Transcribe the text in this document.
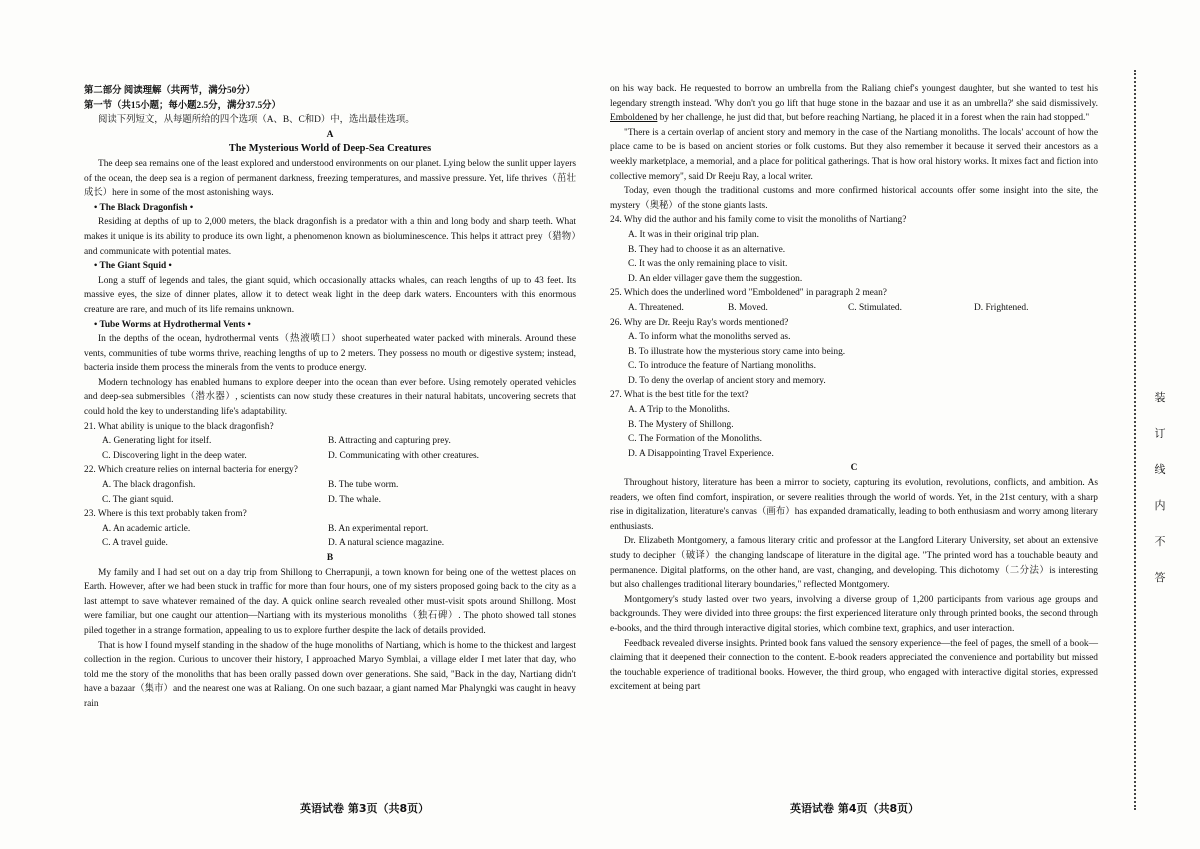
第二部分 阅读理解（共两节，满分50分）

第一节（共15小题；每小题2.5分，满分37.5分）

阅读下列短文，从每题所给的四个选项（A、B、C和D）中，选出最佳选项。

A

The Mysterious World of Deep-Sea Creatures

The deep sea remains one of the least explored and understood environments on our planet. Lying below the sunlit upper layers of the ocean, the deep sea is a region of permanent darkness, freezing temperatures, and massive pressure. Yet, life thrives（茁壮成长）here in some of the most astonishing ways.

• The Black Dragonfish •

Residing at depths of up to 2,000 meters, the black dragonfish is a predator with a thin and long body and sharp teeth. What makes it unique is its ability to produce its own light, a phenomenon known as bioluminescence. This helps it attract prey（猎物）and communicate with potential mates.

• The Giant Squid •

Long a stuff of legends and tales, the giant squid, which occasionally attacks whales, can reach lengths of up to 43 feet. Its massive eyes, the size of dinner plates, allow it to detect weak light in the deep dark waters. Encounters with this enormous creature are rare, and much of its life remains unknown.

• Tube Worms at Hydrothermal Vents •

In the depths of the ocean, hydrothermal vents（热液喷口）shoot superheated water packed with minerals. Around these vents, communities of tube worms thrive, reaching lengths of up to 2 meters. They possess no mouth or digestive system; instead, bacteria inside them process the minerals from the vents to produce energy.

Modern technology has enabled humans to explore deeper into the ocean than ever before. Using remotely operated vehicles and deep-sea submersibles（潜水器）, scientists can now study these creatures in their natural habitats, uncovering secrets that could hold the key to understanding life's adaptability.

21. What ability is unique to the black dragonfish?

A. Generating light for itself.	B. Attracting and capturing prey.
C. Discovering light in the deep water.	D. Communicating with other creatures.

22. Which creature relies on internal bacteria for energy?

A. The black dragonfish.	B. The tube worm.
C. The giant squid.	D. The whale.

23. Where is this text probably taken from?

A. An academic article.	B. An experimental report.
C. A travel guide.	D. A natural science magazine.

B

My family and I had set out on a day trip from Shillong to Cherrapunji, a town known for being one of the wettest places on Earth. However, after we had been stuck in traffic for more than four hours, one of my sisters proposed going back to the city as a last attempt to save whatever remained of the day. A quick online search revealed other must-visit spots around Shillong. Most were familiar, but one caught our attention—Nartiang with its mysterious monoliths（独石碑）. The photo showed tall stones piled together in a strange formation, appealing to us to explore further despite the lack of details provided.

That is how I found myself standing in the shadow of the huge monoliths of Nartiang, which is home to the thickest and largest collection in the region. Curious to uncover their history, I approached Maryo Symblai, a village elder I met later that day, who told me the story of the monoliths that has been orally passed down over generations. She said, "Back in the day, Nartiang didn't have a bazaar（集市）and the nearest one was at Raliang. On one such bazaar, a giant named Mar Phalyngki was caught in heavy rain

英语试卷 第3页（共8页）

on his way back. He requested to borrow an umbrella from the Raliang chief's youngest daughter, but she wanted to test his legendary strength instead. 'Why don't you go lift that huge stone in the bazaar and use it as an umbrella?' she said dismissively. Emboldened by her challenge, he just did that, but before reaching Nartiang, he placed it in a forest when the rain had stopped."

"There is a certain overlap of ancient story and memory in the case of the Nartiang monoliths. The locals' account of how the place came to be is based on ancient stories or folk customs. But they also remember it because it served their ancestors as a weekly marketplace, a memorial, and a place for political gatherings. That is how oral history works. It mixes fact and fiction into collective memory", said Dr Reeju Ray, a local writer.

Today, even though the traditional customs and more confirmed historical accounts offer some insight into the site, the mystery（奥秘）of the stone giants lasts.

24. Why did the author and his family come to visit the monoliths of Nartiang?

A. It was in their original trip plan.
B. They had to choose it as an alternative.
C. It was the only remaining place to visit.
D. An elder villager gave them the suggestion.

25. Which does the underlined word "Emboldened" in paragraph 2 mean?

A. Threatened.	B. Moved.	C. Stimulated.	D. Frightened.

26. Why are Dr. Reeju Ray's words mentioned?

A. To inform what the monoliths served as.
B. To illustrate how the mysterious story came into being.
C. To introduce the feature of Nartiang monoliths.
D. To deny the overlap of ancient story and memory.

27. What is the best title for the text?

A. A Trip to the Monoliths.
B. The Mystery of Shillong.
C. The Formation of the Monoliths.
D. A Disappointing Travel Experience.

C

Throughout history, literature has been a mirror to society, capturing its evolution, revolutions, conflicts, and ambition. As readers, we often find comfort, inspiration, or severe realities through the world of words. Yet, in the 21st century, with a sharp rise in digitalization, literature's canvas（画布）has expanded dramatically, leading to both enthusiasm and worry among literary enthusiasts.

Dr. Elizabeth Montgomery, a famous literary critic and professor at the Langford Literary University, set about an extensive study to decipher（破译）the changing landscape of literature in the digital age. "The printed word has a touchable beauty and permanence. Digital platforms, on the other hand, are vast, changing, and developing. This dichotomy（二分法）is interesting but also challenges traditional literary boundaries," reflected Montgomery.

Montgomery's study lasted over two years, involving a diverse group of 1,200 participants from various age groups and backgrounds. They were divided into three groups: the first experienced literature only through printed books, the second through e-books, and the third through interactive digital stories, which combine text, graphics, and user interaction.

Feedback revealed diverse insights. Printed book fans valued the sensory experience—the feel of pages, the smell of a book—claiming that it deepened their connection to the content. E-book readers appreciated the convenience and portability but missed the touchable experience of traditional books. However, the third group, who engaged with interactive digital stories, expressed excitement at being part

英语试卷 第4页（共8页）
装
订
线
内
不
答
